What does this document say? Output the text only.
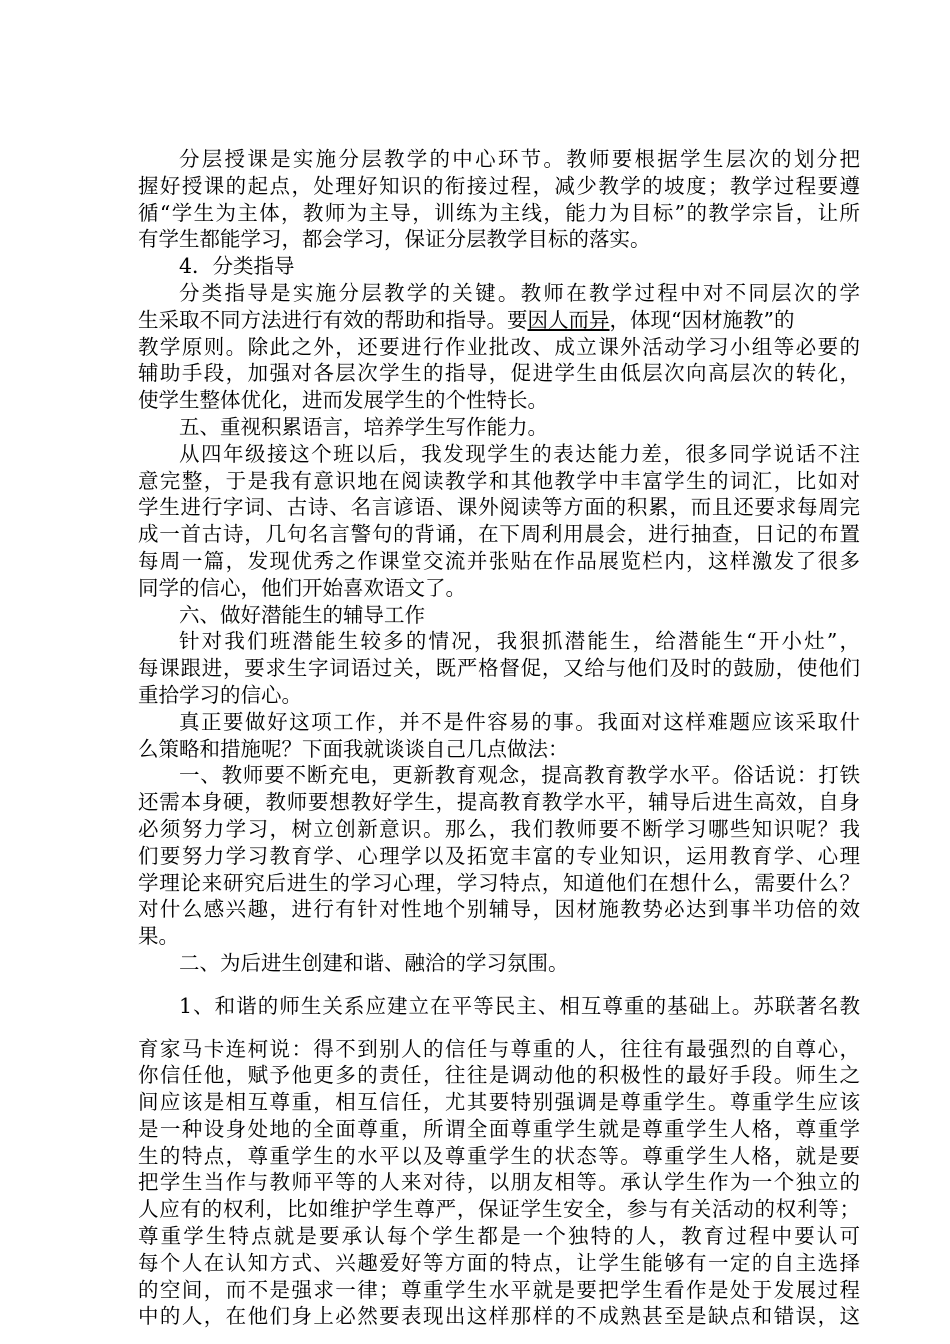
分层授课是实施分层教学的中心环节。教师要根据学生层次的划分把
握好授课的起点，处理好知识的衔接过程，减少教学的坡度；教学过程要遵
循“学生为主体，教师为主导，训练为主线，能力为目标”的教学宗旨，让所
有学生都能学习，都会学习，保证分层教学目标的落实。
4．分类指导
分类指导是实施分层教学的关键。教师在教学过程中对不同层次的学
生采取不同方法进行有效的帮助和指导。要因人而异，体现“因材施教”的
教学原则。除此之外，还要进行作业批改、成立课外活动学习小组等必要的
辅助手段，加强对各层次学生的指导，促进学生由低层次向高层次的转化，
使学生整体优化，进而发展学生的个性特长。
五、重视积累语言，培养学生写作能力。
从四年级接这个班以后，我发现学生的表达能力差，很多同学说话不注
意完整，于是我有意识地在阅读教学和其他教学中丰富学生的词汇，比如对
学生进行字词、古诗、名言谚语、课外阅读等方面的积累，而且还要求每周完
成一首古诗，几句名言警句的背诵，在下周利用晨会，进行抽查，日记的布置
每周一篇，发现优秀之作课堂交流并张贴在作品展览栏内，这样激发了很多
同学的信心，他们开始喜欢语文了。
六、做好潜能生的辅导工作
针对我们班潜能生较多的情况，我狠抓潜能生，给潜能生“开小灶”，
每课跟进，要求生字词语过关，既严格督促，又给与他们及时的鼓励，使他们
重拾学习的信心。
真正要做好这项工作，并不是件容易的事。我面对这样难题应该采取什
么策略和措施呢？下面我就谈谈自己几点做法：
一、教师要不断充电，更新教育观念，提高教育教学水平。俗话说：打铁
还需本身硬，教师要想教好学生，提高教育教学水平，辅导后进生高效，自身
必须努力学习，树立创新意识。那么，我们教师要不断学习哪些知识呢？我
们要努力学习教育学、心理学以及拓宽丰富的专业知识，运用教育学、心理
学理论来研究后进生的学习心理，学习特点，知道他们在想什么，需要什么？
对什么感兴趣，进行有针对性地个别辅导，因材施教势必达到事半功倍的效
果。
二、为后进生创建和谐、融洽的学习氛围。
1、和谐的师生关系应建立在平等民主、相互尊重的基础上。苏联著名教
育家马卡连柯说：得不到别人的信任与尊重的人，往往有最强烈的自尊心，
你信任他，赋予他更多的责任，往往是调动他的积极性的最好手段。师生之
间应该是相互尊重，相互信任，尤其要特别强调是尊重学生。尊重学生应该
是一种设身处地的全面尊重，所谓全面尊重学生就是尊重学生人格，尊重学
生的特点，尊重学生的水平以及尊重学生的状态等。尊重学生人格，就是要
把学生当作与教师平等的人来对待，以朋友相等。承认学生作为一个独立的
人应有的权利，比如维护学生尊严，保证学生安全，参与有关活动的权利等；
尊重学生特点就是要承认每个学生都是一个独特的人，教育过程中要认可
每个人在认知方式、兴趣爱好等方面的特点，让学生能够有一定的自主选择
的空间，而不是强求一律；尊重学生水平就是要把学生看作是处于发展过程
中的人，在他们身上必然要表现出这样那样的不成熟甚至是缺点和错误，这
